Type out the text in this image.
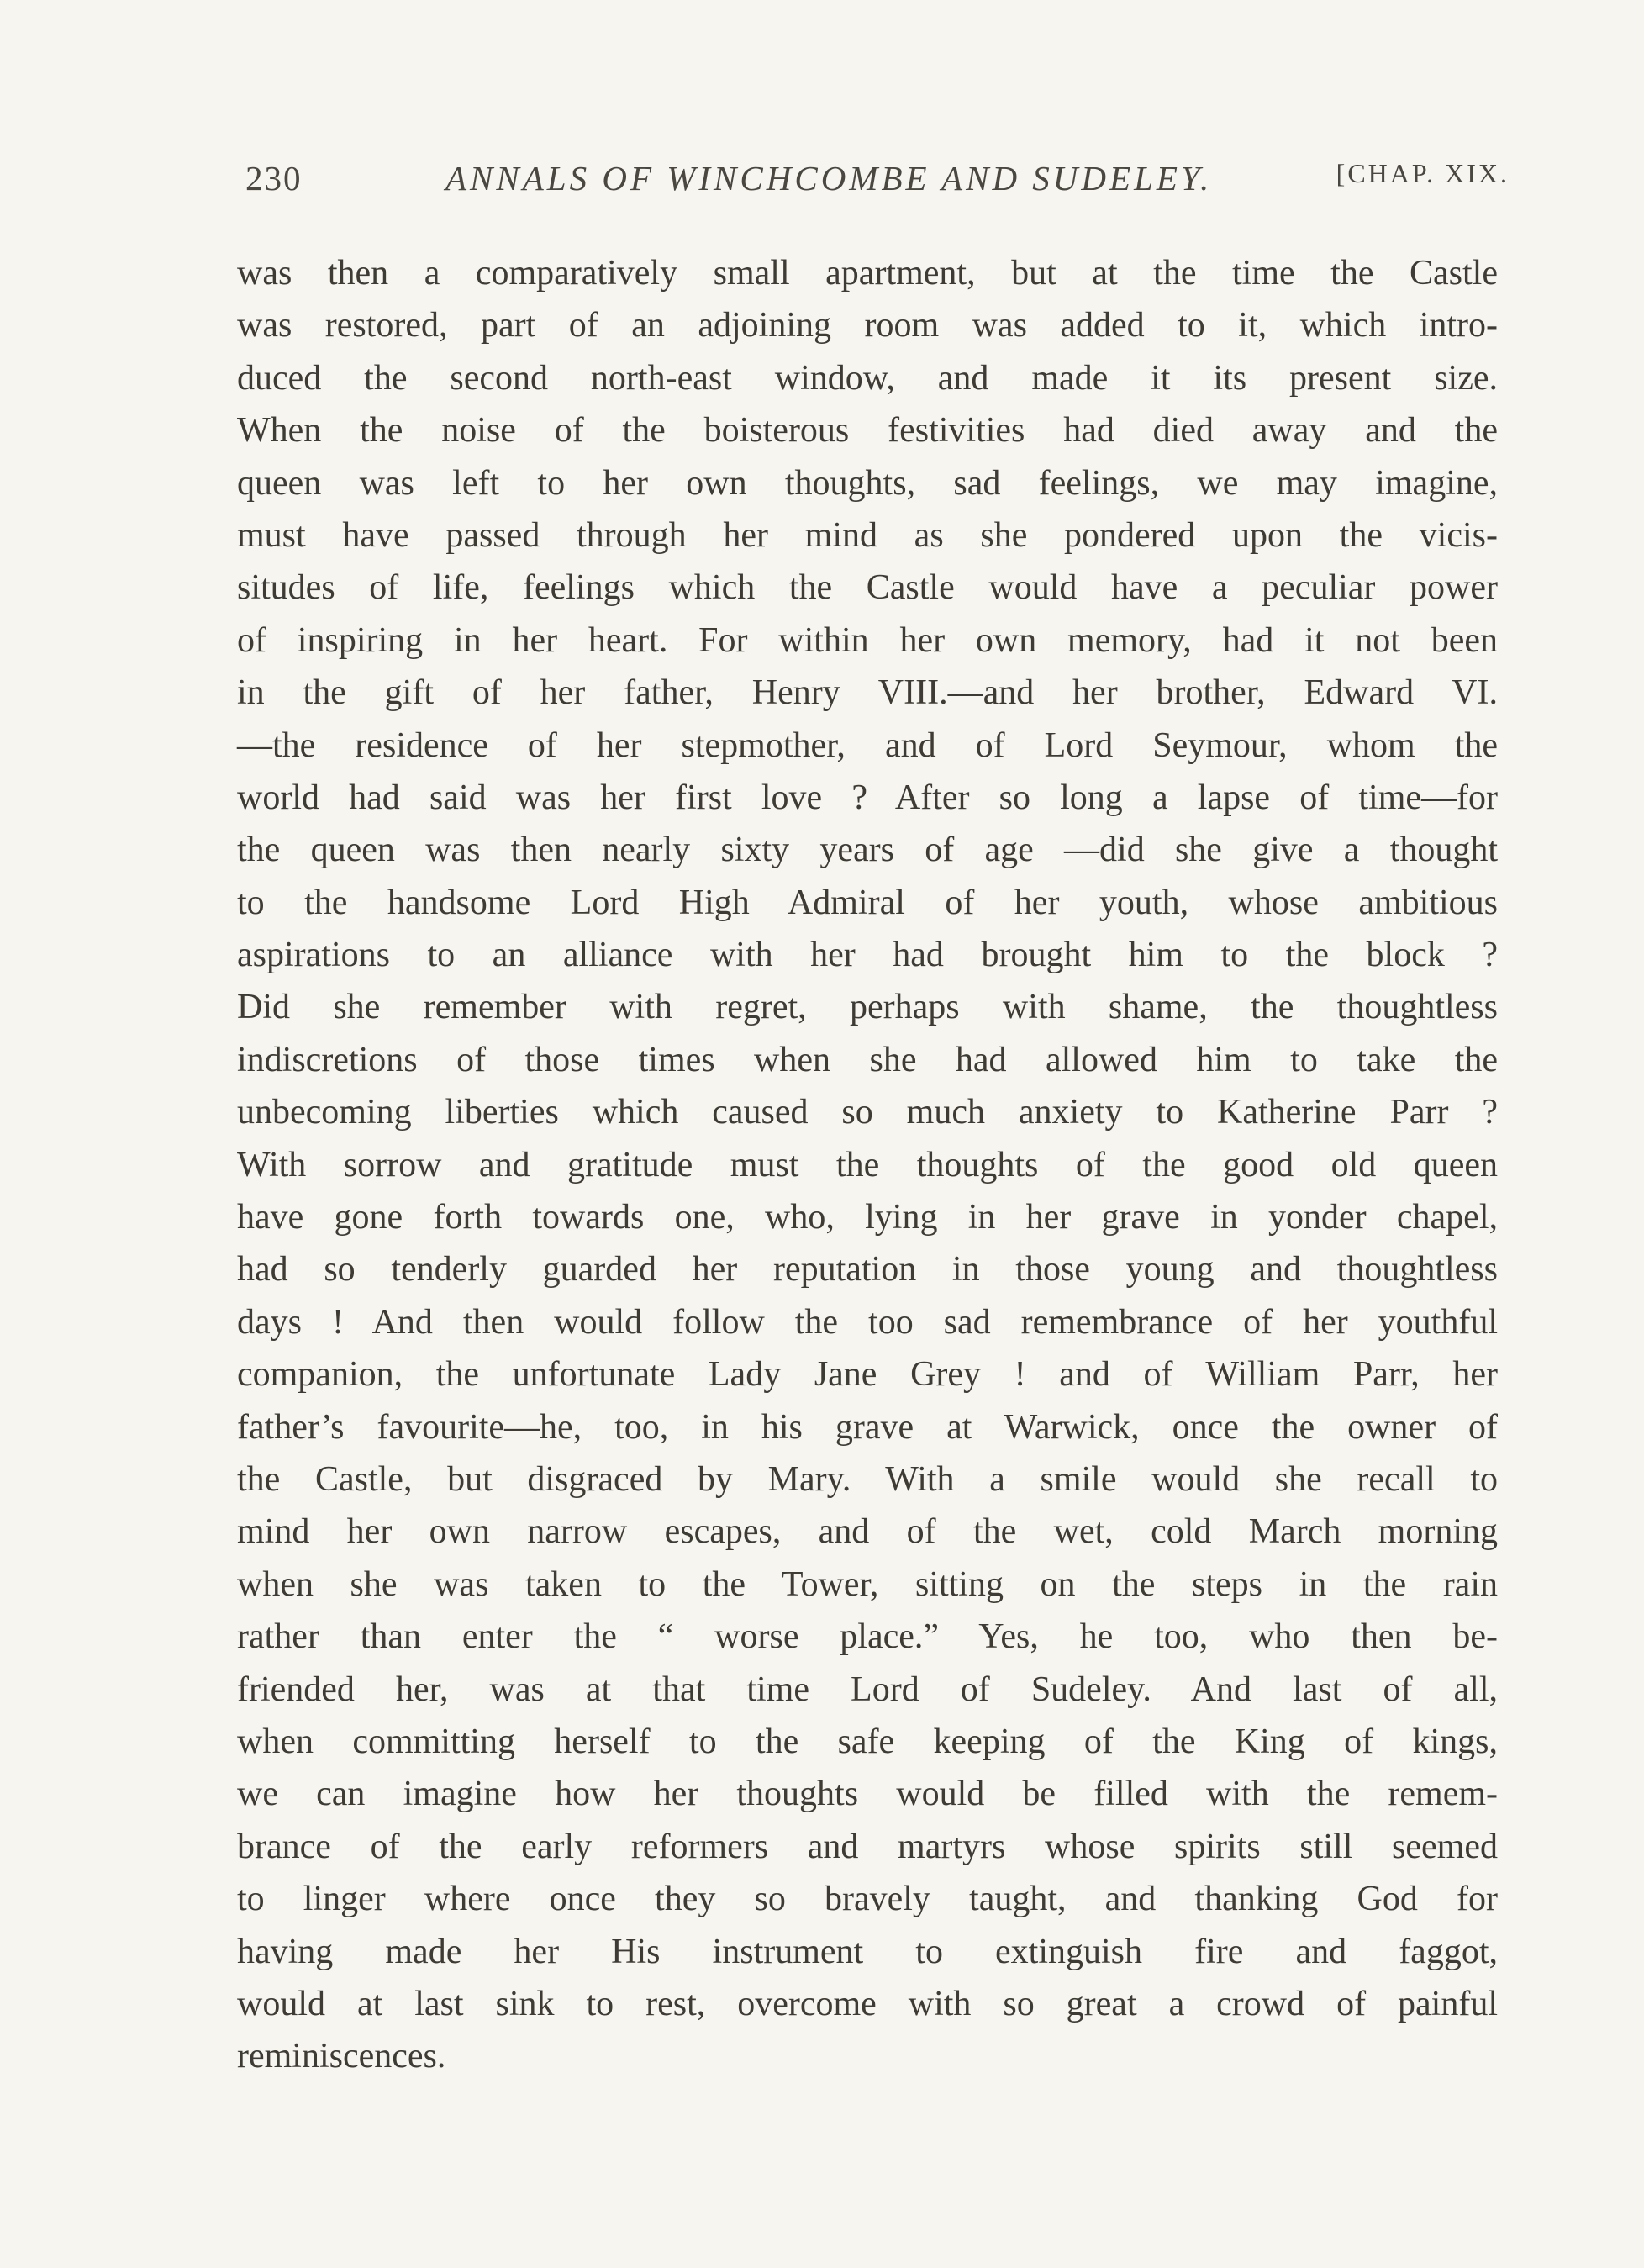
230	ANNALS OF WINCHCOMBE AND SUDELEY.	[CHAP. XIX.
was then a comparatively small apartment, but at the time the Castle
was restored, part of an adjoining room was added to it, which intro-
duced the second north-east window, and made it its present size.
When the noise of the boisterous festivities had died away and the
queen was left to her own thoughts, sad feelings, we may imagine,
must have passed through her mind as she pondered upon the vicis-
situdes of life, feelings which the Castle would have a peculiar power
of inspiring in her heart. For within her own memory, had it not been
in the gift of her father, Henry VIII.—and her brother, Edward VI.
—the residence of her stepmother, and of Lord Seymour, whom the
world had said was her first love ? After so long a lapse of time—for
the queen was then nearly sixty years of age —did she give a thought
to the handsome Lord High Admiral of her youth, whose ambitious
aspirations to an alliance with her had brought him to the block ?
Did she remember with regret, perhaps with shame, the thoughtless
indiscretions of those times when she had allowed him to take the
unbecoming liberties which caused so much anxiety to Katherine Parr ?
With sorrow and gratitude must the thoughts of the good old queen
have gone forth towards one, who, lying in her grave in yonder chapel,
had so tenderly guarded her reputation in those young and thoughtless
days ! And then would follow the too sad remembrance of her youthful
companion, the unfortunate Lady Jane Grey ! and of William Parr, her
father’s favourite—he, too, in his grave at Warwick, once the owner of
the Castle, but disgraced by Mary. With a smile would she recall to
mind her own narrow escapes, and of the wet, cold March morning
when she was taken to the Tower, sitting on the steps in the rain
rather than enter the “ worse place.” Yes, he too, who then be-
friended her, was at that time Lord of Sudeley. And last of all,
when committing herself to the safe keeping of the King of kings,
we can imagine how her thoughts would be filled with the remem-
brance of the early reformers and martyrs whose spirits still seemed
to linger where once they so bravely taught, and thanking God for
having made her His instrument to extinguish fire and faggot,
would at last sink to rest, overcome with so great a crowd of painful
reminiscences.
